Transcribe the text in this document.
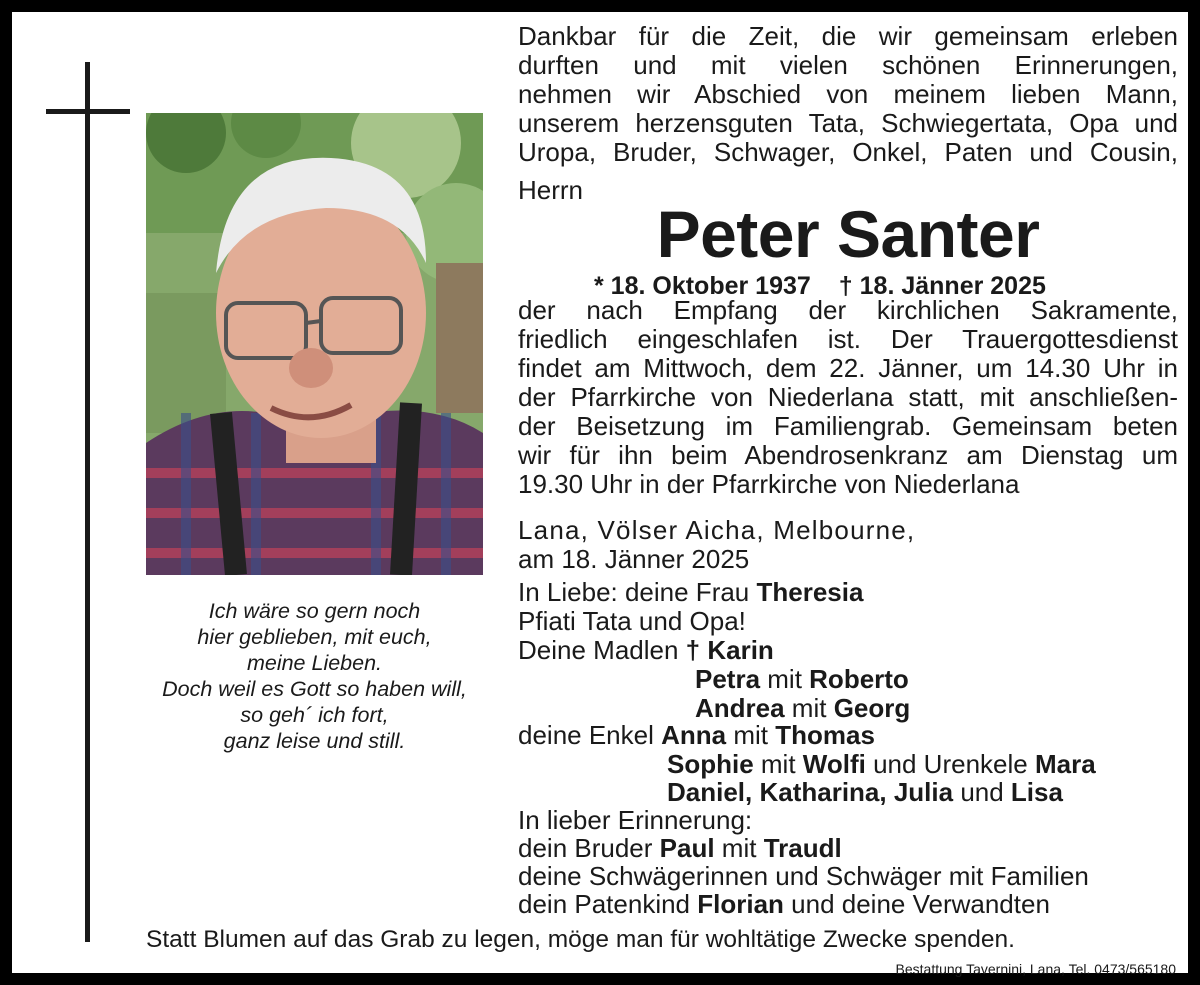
Ich wäre so gern noch
hier geblieben, mit euch,
meine Lieben.
Doch weil es Gott so haben will,
so geh´ ich fort,
ganz leise und still.
Dankbar für die Zeit, die wir gemeinsam erleben
durften und mit vielen schönen Erinnerungen,
nehmen wir Abschied von meinem lieben Mann,
unserem herzensguten Tata, Schwiegertata, Opa und
Uropa, Bruder, Schwager, Onkel, Paten und Cousin,
Herrn
Peter Santer
* 18. Oktober 1937 † 18. Jänner 2025
der nach Empfang der kirchlichen Sakramente,
friedlich eingeschlafen ist. Der Trauergottesdienst
findet am Mittwoch, dem 22. Jänner, um 14.30 Uhr in
der Pfarrkirche von Niederlana statt, mit anschließen-
der Beisetzung im Familiengrab. Gemeinsam beten
wir für ihn beim Abendrosenkranz am Dienstag um
19.30 Uhr in der Pfarrkirche von Niederlana
Lana, Völser Aicha, Melbourne,
am 18. Jänner 2025
In Liebe: deine Frau Theresia
Pfiati Tata und Opa!
Deine Madlen † Karin
Petra mit Roberto
Andrea mit Georg
deine Enkel Anna mit Thomas
Sophie mit Wolfi und Urenkele Mara
Daniel, Katharina, Julia und Lisa
In lieber Erinnerung:
dein Bruder Paul mit Traudl
deine Schwägerinnen und Schwäger mit Familien
dein Patenkind Florian und deine Verwandten
Statt Blumen auf das Grab zu legen, möge man für wohltätige Zwecke spenden.
Bestattung Tavernini, Lana, Tel. 0473/565180
